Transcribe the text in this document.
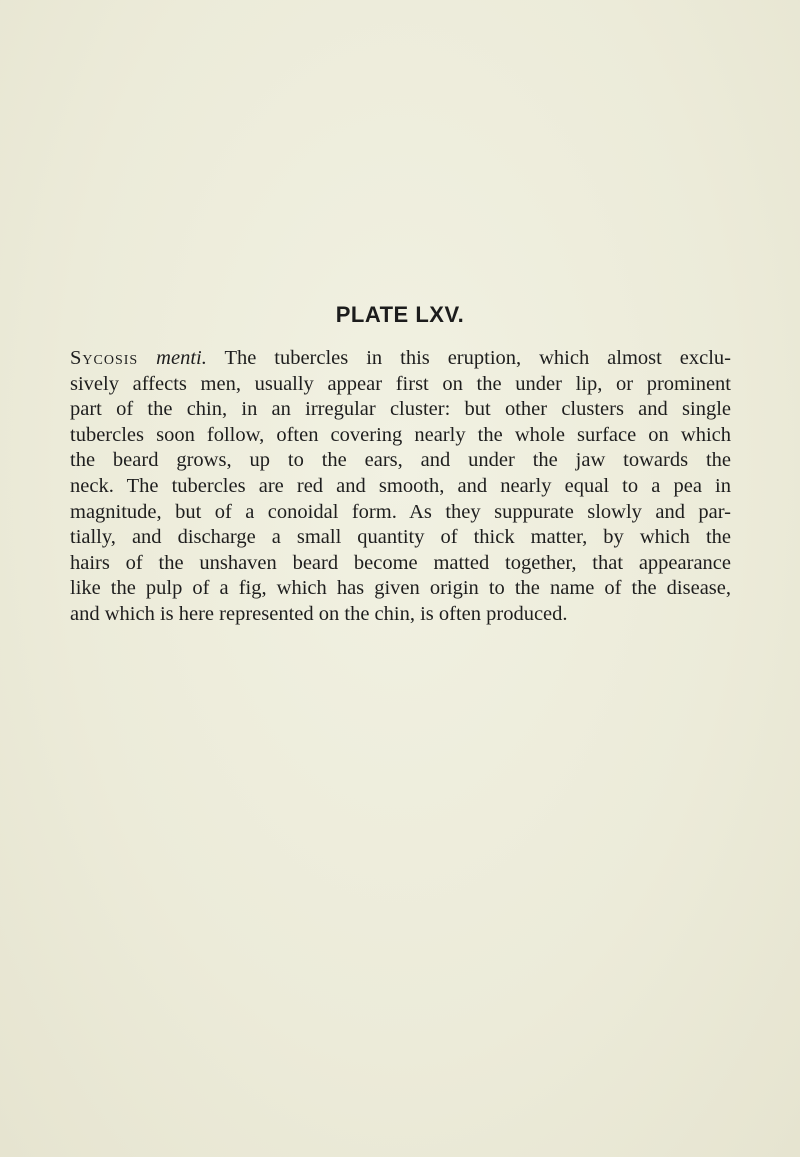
PLATE LXV.
Sycosis menti. The tubercles in this eruption, which almost exclu-
sively affects men, usually appear first on the under lip, or prominent
part of the chin, in an irregular cluster: but other clusters and single
tubercles soon follow, often covering nearly the whole surface on which
the beard grows, up to the ears, and under the jaw towards the
neck. The tubercles are red and smooth, and nearly equal to a pea in
magnitude, but of a conoidal form. As they suppurate slowly and par-
tially, and discharge a small quantity of thick matter, by which the
hairs of the unshaven beard become matted together, that appearance
like the pulp of a fig, which has given origin to the name of the disease,
and which is here represented on the chin, is often produced.
